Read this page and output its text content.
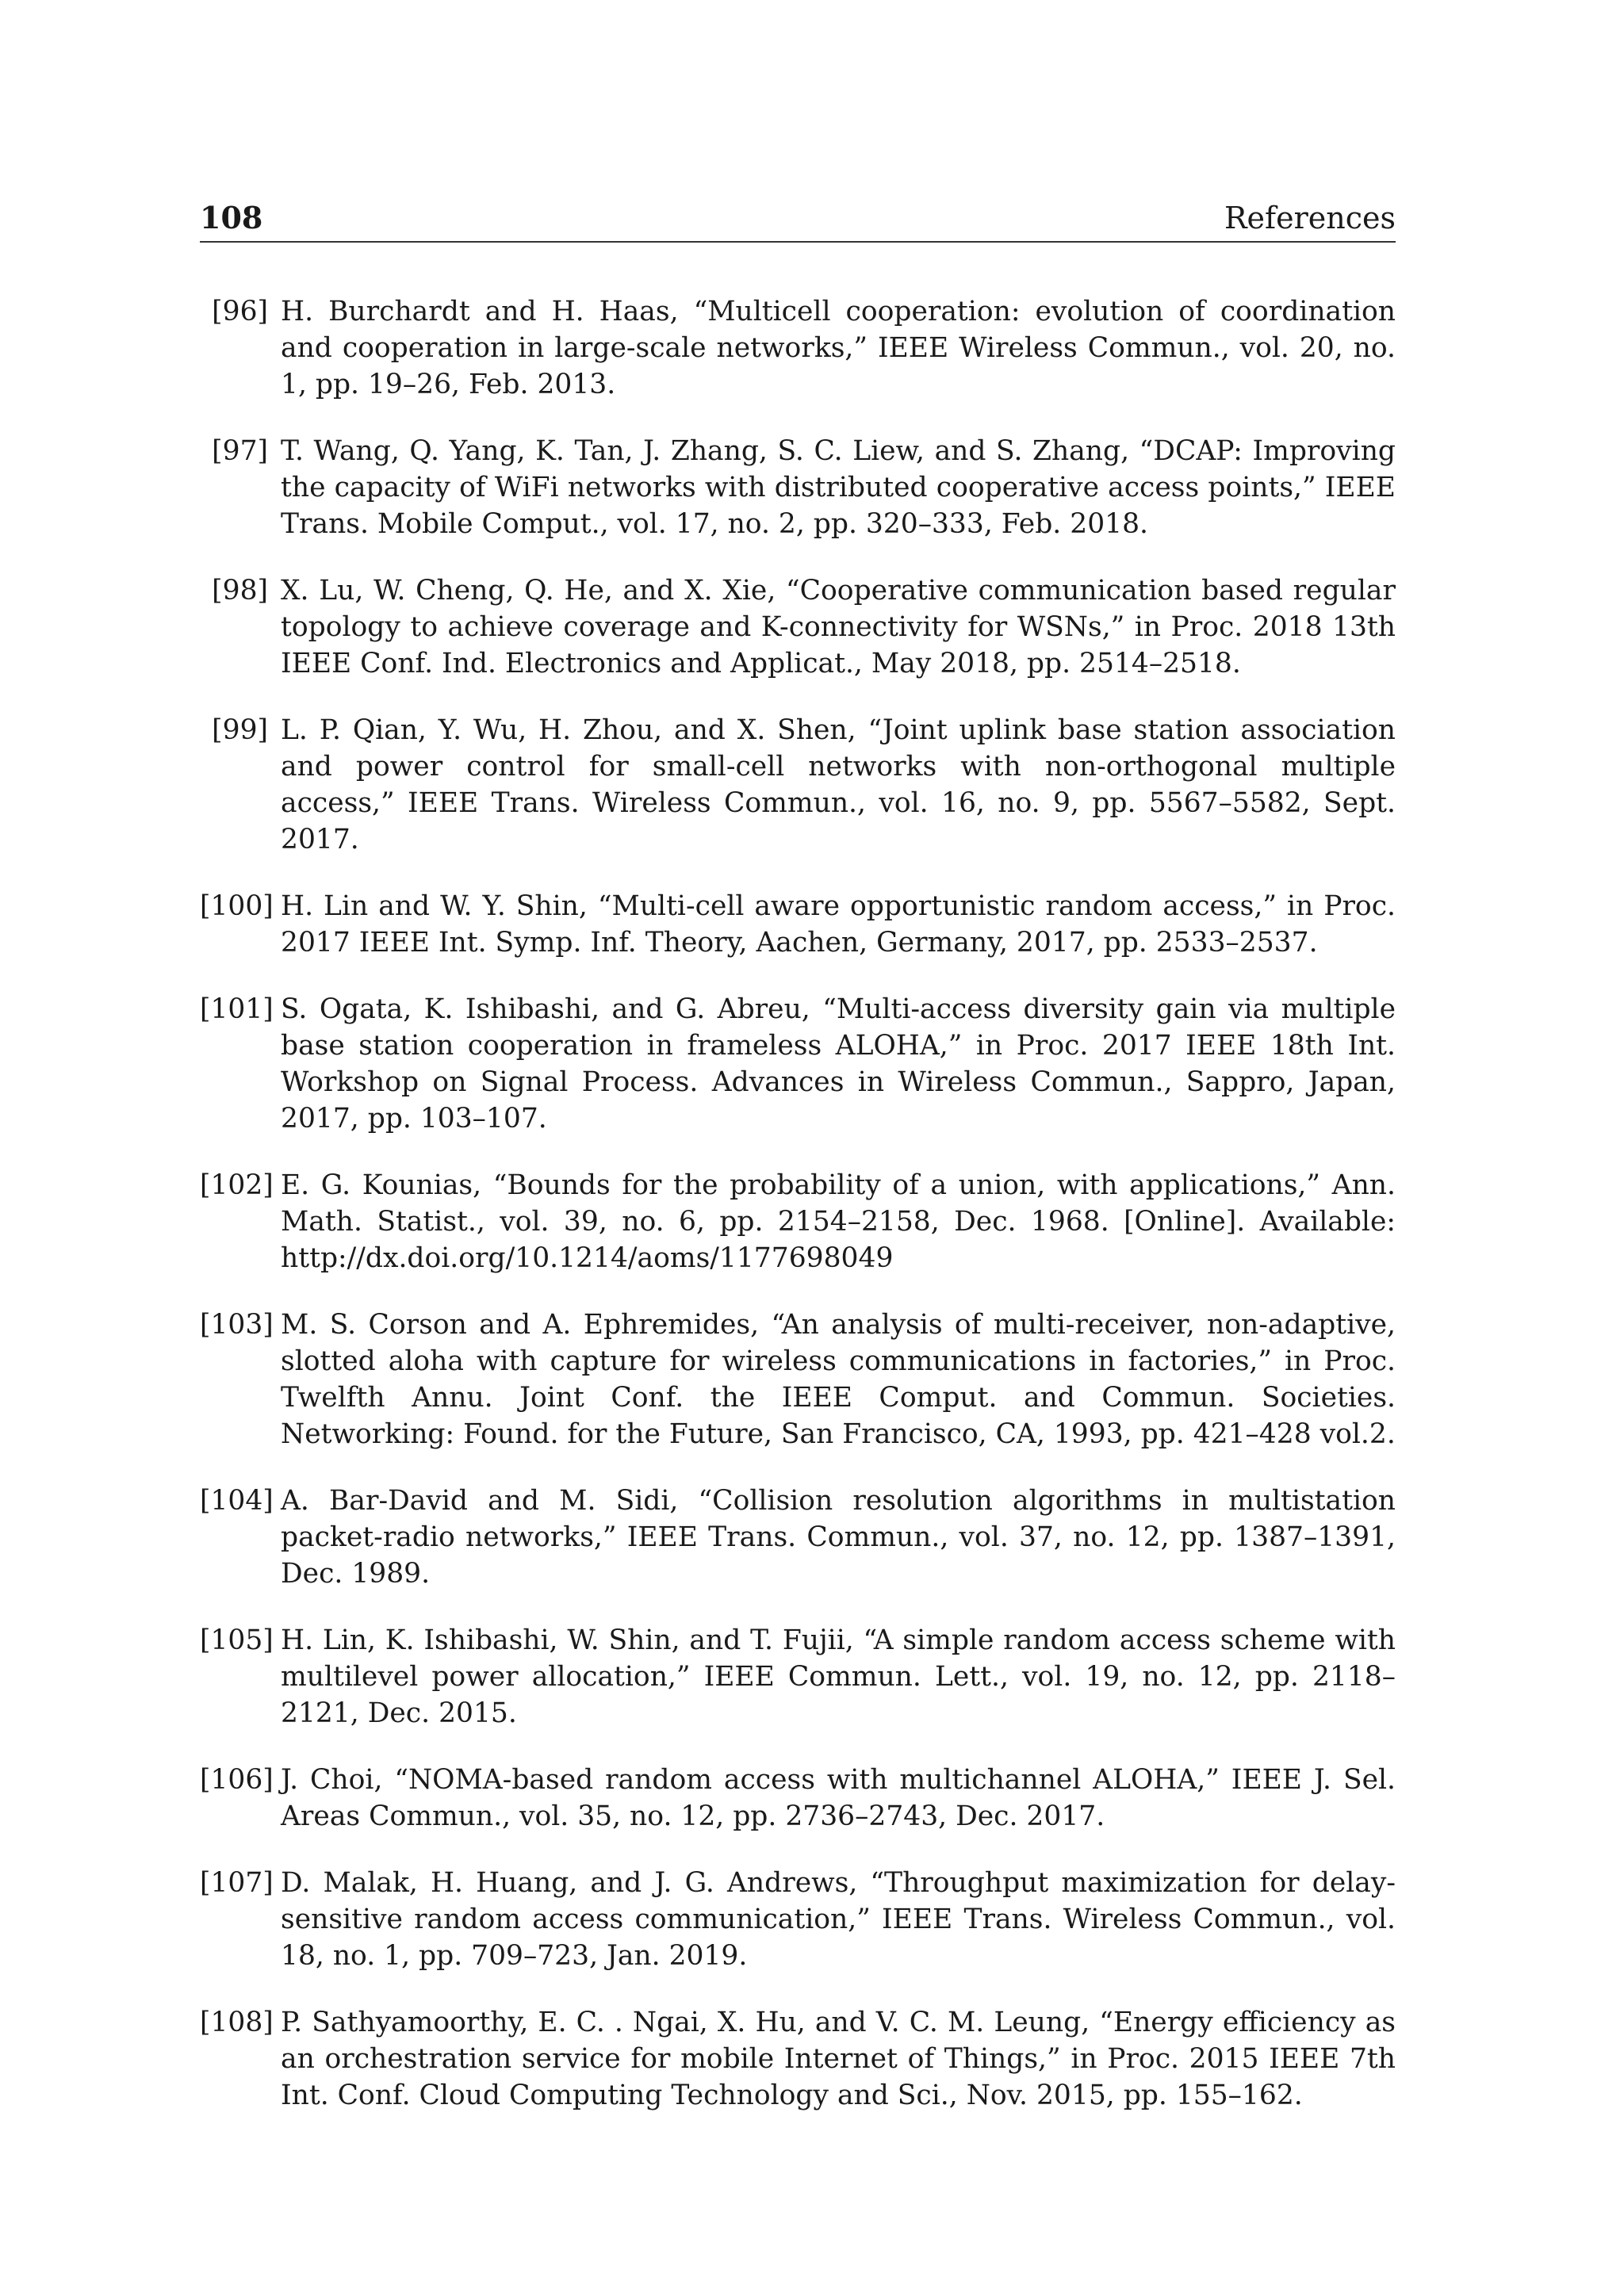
108	References
[96] H. Burchardt and H. Haas, “Multicell cooperation: evolution of coordination and cooperation in large-scale networks,” IEEE Wireless Commun., vol. 20, no. 1, pp. 19–26, Feb. 2013.
[97] T. Wang, Q. Yang, K. Tan, J. Zhang, S. C. Liew, and S. Zhang, “DCAP: Improving the capacity of WiFi networks with distributed cooperative access points,” IEEE Trans. Mobile Comput., vol. 17, no. 2, pp. 320–333, Feb. 2018.
[98] X. Lu, W. Cheng, Q. He, and X. Xie, “Cooperative communication based regular topology to achieve coverage and K-connectivity for WSNs,” in Proc. 2018 13th IEEE Conf. Ind. Electronics and Applicat., May 2018, pp. 2514–2518.
[99] L. P. Qian, Y. Wu, H. Zhou, and X. Shen, “Joint uplink base station association and power control for small-cell networks with non-orthogonal multiple access,” IEEE Trans. Wireless Commun., vol. 16, no. 9, pp. 5567–5582, Sept. 2017.
[100] H. Lin and W. Y. Shin, “Multi-cell aware opportunistic random access,” in Proc. 2017 IEEE Int. Symp. Inf. Theory, Aachen, Germany, 2017, pp. 2533–2537.
[101] S. Ogata, K. Ishibashi, and G. Abreu, “Multi-access diversity gain via multiple base station cooperation in frameless ALOHA,” in Proc. 2017 IEEE 18th Int. Workshop on Signal Process. Advances in Wireless Commun., Sappro, Japan, 2017, pp. 103–107.
[102] E. G. Kounias, “Bounds for the probability of a union, with applications,” Ann. Math. Statist., vol. 39, no. 6, pp. 2154–2158, Dec. 1968. [Online]. Available: http://dx.doi.org/10.1214/aoms/1177698049
[103] M. S. Corson and A. Ephremides, “An analysis of multi-receiver, non-adaptive, slotted aloha with capture for wireless communications in factories,” in Proc. Twelfth Annu. Joint Conf. the IEEE Comput. and Commun. Societies. Networking: Found. for the Future, San Francisco, CA, 1993, pp. 421–428 vol.2.
[104] A. Bar-David and M. Sidi, “Collision resolution algorithms in multistation packet-radio networks,” IEEE Trans. Commun., vol. 37, no. 12, pp. 1387–1391, Dec. 1989.
[105] H. Lin, K. Ishibashi, W. Shin, and T. Fujii, “A simple random access scheme with multilevel power allocation,” IEEE Commun. Lett., vol. 19, no. 12, pp. 2118–2121, Dec. 2015.
[106] J. Choi, “NOMA-based random access with multichannel ALOHA,” IEEE J. Sel. Areas Commun., vol. 35, no. 12, pp. 2736–2743, Dec. 2017.
[107] D. Malak, H. Huang, and J. G. Andrews, “Throughput maximization for delay-sensitive random access communication,” IEEE Trans. Wireless Commun., vol. 18, no. 1, pp. 709–723, Jan. 2019.
[108] P. Sathyamoorthy, E. C. . Ngai, X. Hu, and V. C. M. Leung, “Energy efficiency as an orchestration service for mobile Internet of Things,” in Proc. 2015 IEEE 7th Int. Conf. Cloud Computing Technology and Sci., Nov. 2015, pp. 155–162.
